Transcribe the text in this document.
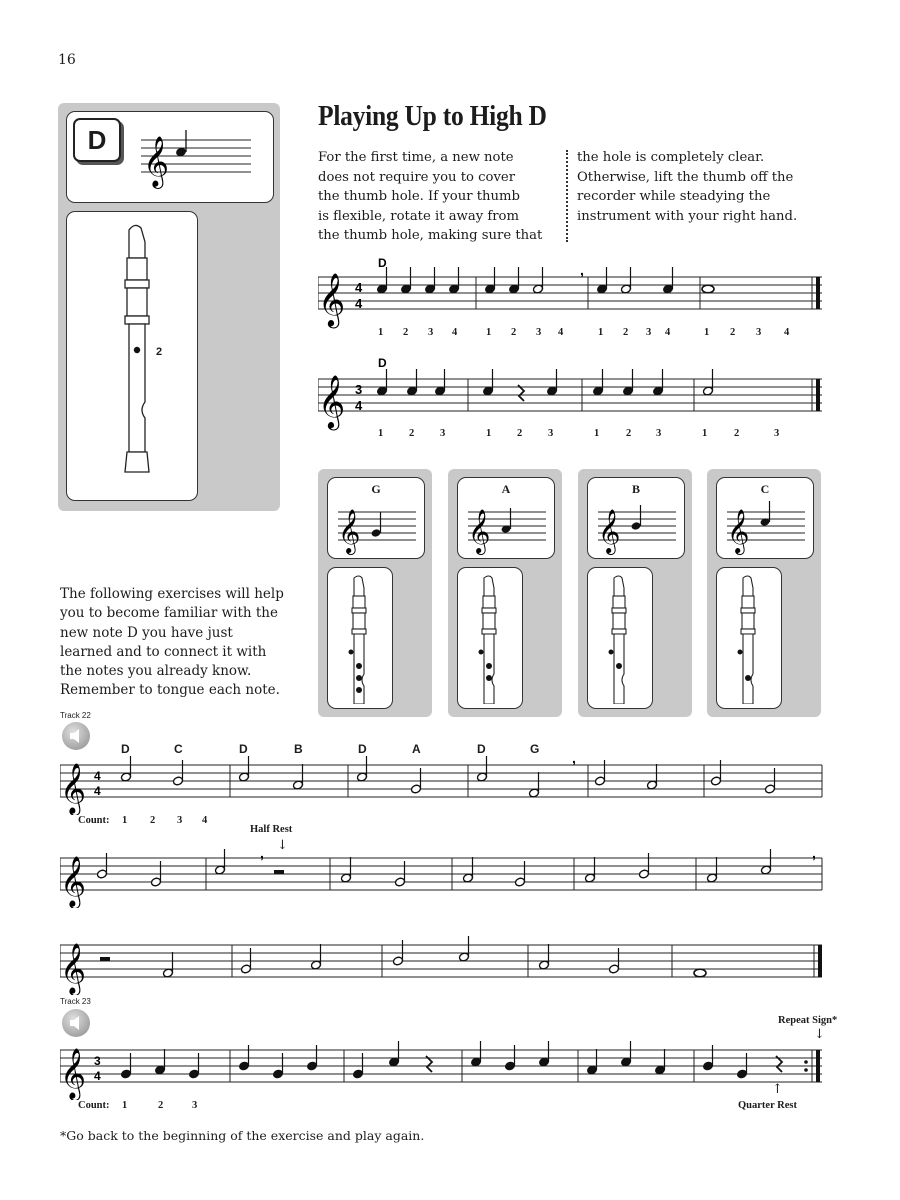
16
D 𝄞
2
Playing Up to High D
For the first time, a new note
does not require you to cover
the thumb hole. If your thumb
is flexible, rotate it away from
the thumb hole, making sure that
the hole is completely clear.
Otherwise, lift the thumb off the
recorder while steadying the
instrument with your right hand.
D
𝄞 4
4
,
1 2 3 4	1 2 3 4	1 2 3 4	1 2 3 4
D
𝄞 3
4
1 2 3	1 2 3	1	2 3	1	2	3
G
𝄞
A
𝄞
B
𝄞
C
𝄞
The following exercises will help
you to become familiar with the
new note D you have just
learned and to connect it with
the notes you already know.
Remember to tongue each note.
Track 22
D	C	D	B	D	A	D	G
𝄞 4
4
,
Count: 1 2 3 4
Half Rest
↓
𝄞
,	,
𝄞
Track 23
Repeat Sign*
↓
𝄞 3
4
↑
Quarter Rest
Count: 1	2	3
*Go back to the beginning of the exercise and play again.
